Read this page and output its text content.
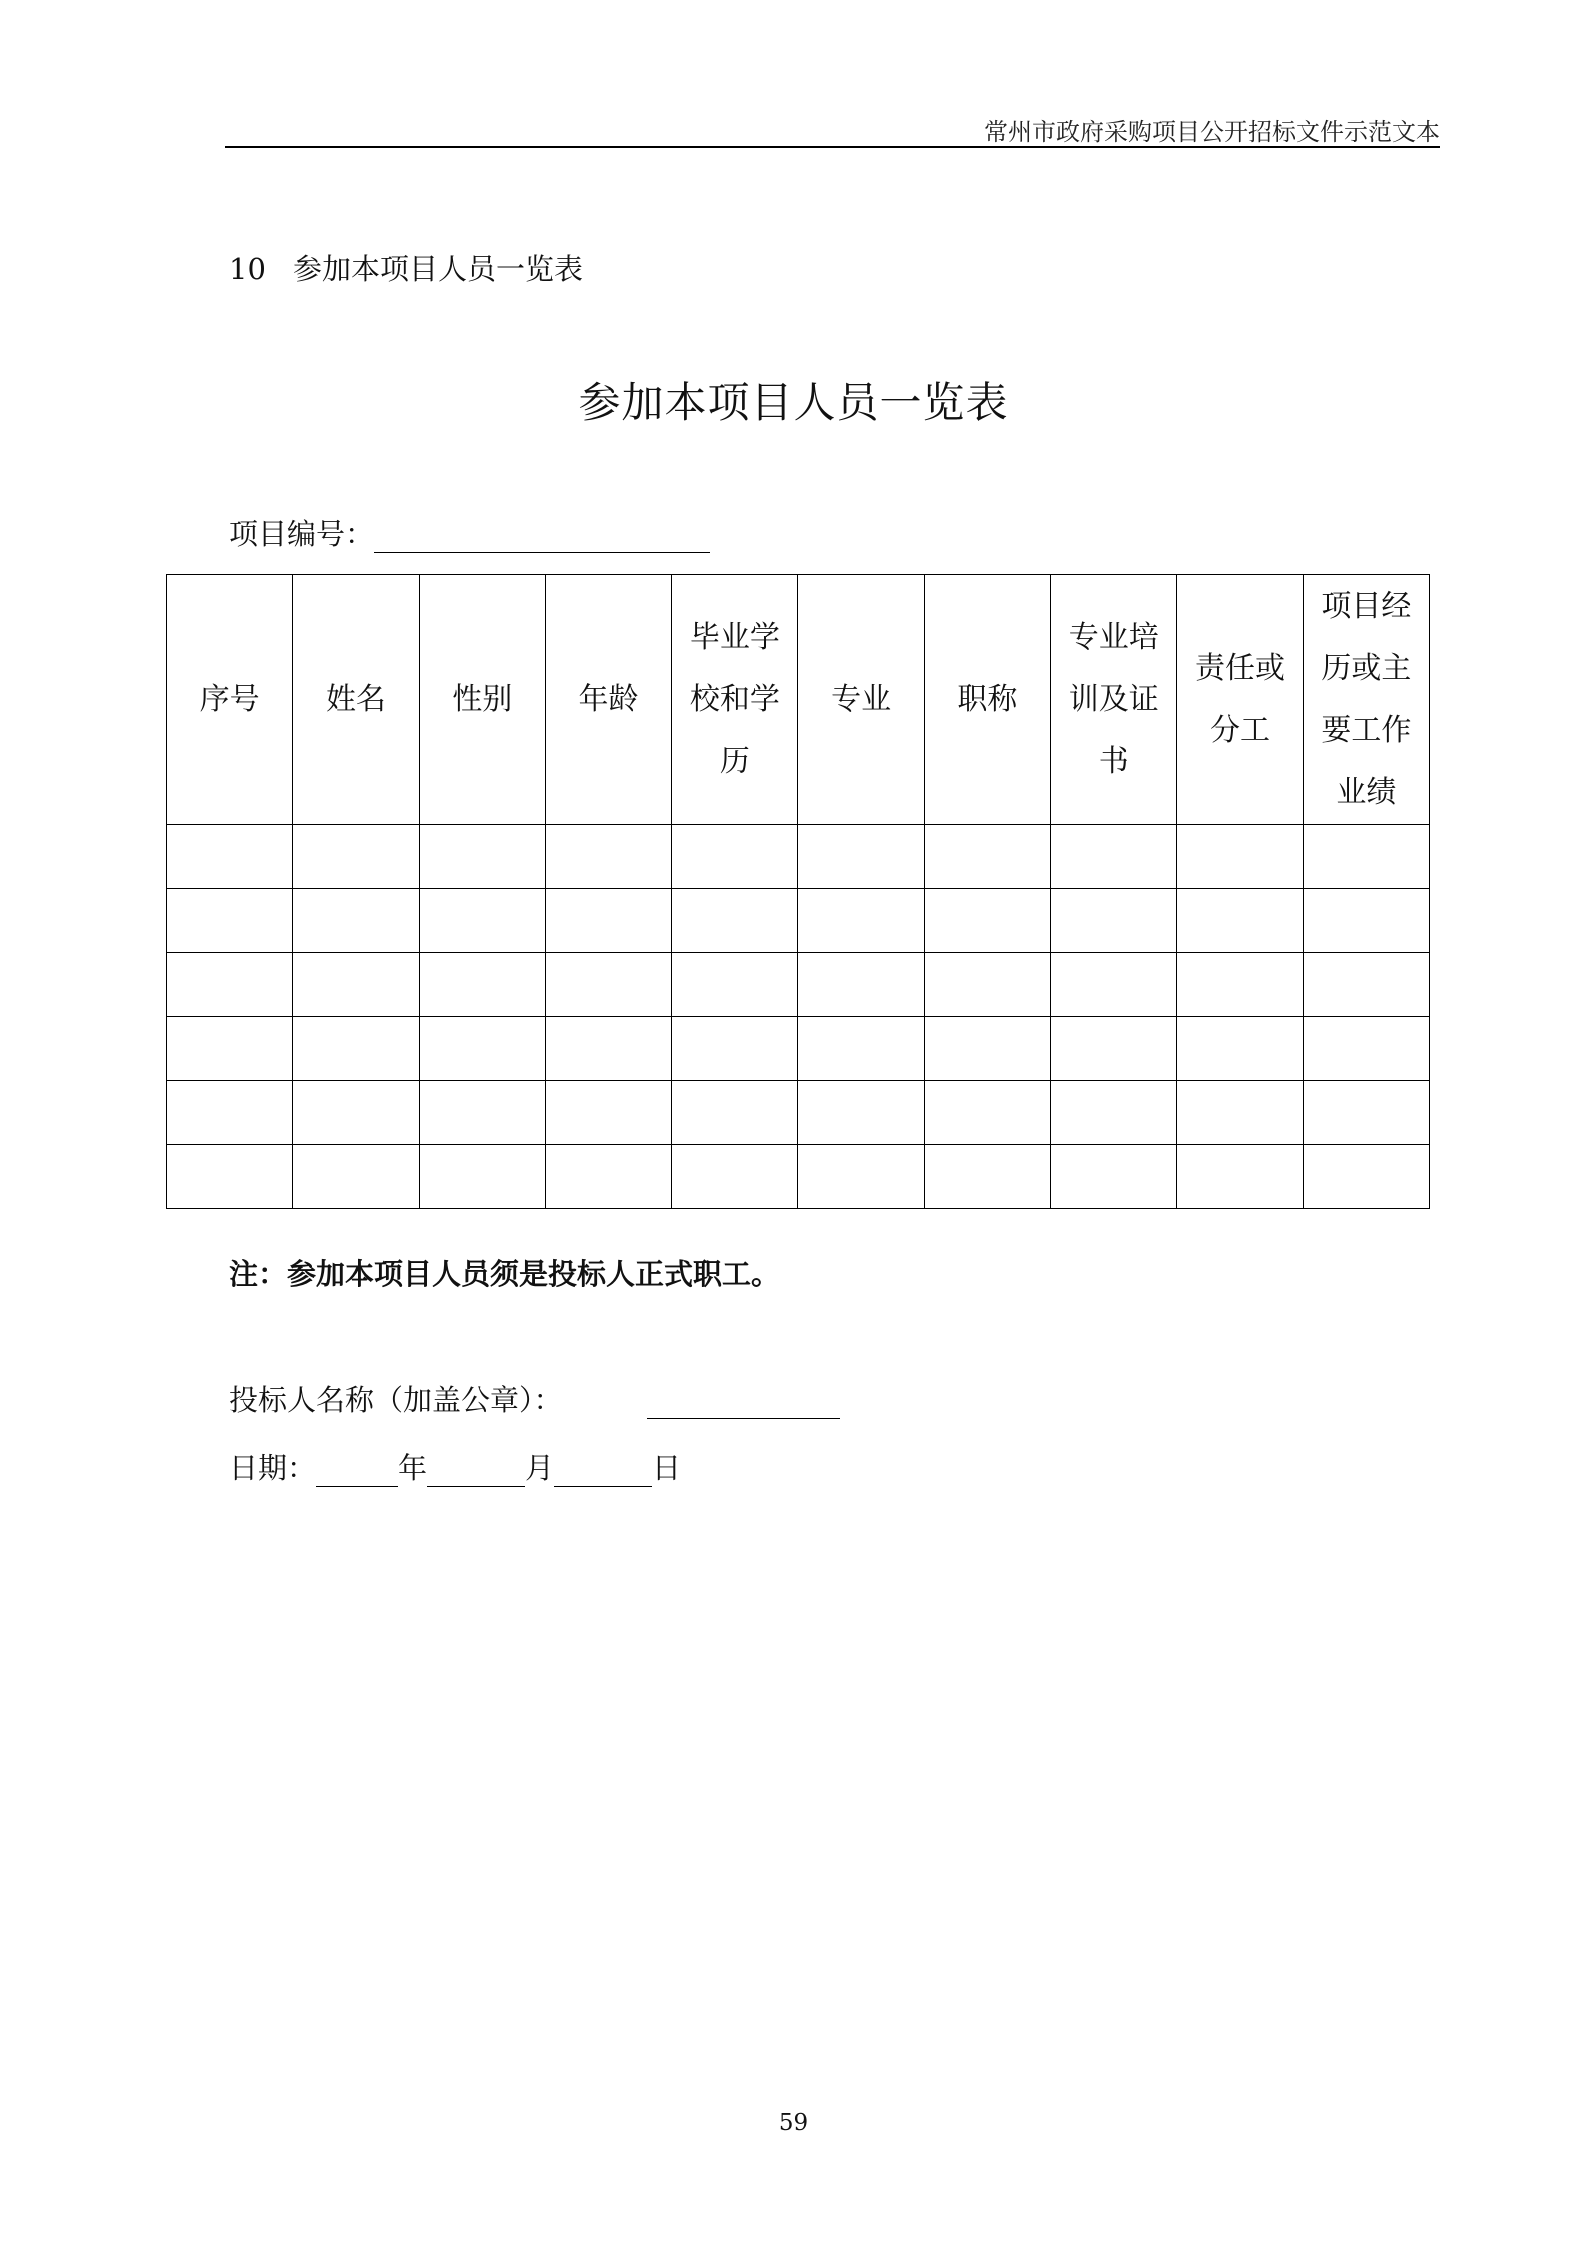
常州市政府采购项目公开招标文件示范文本
10 参加本项目人员一览表
参加本项目人员一览表
项目编号：
序号	姓名	性别	年龄	毕业学校和学历	专业	职称	专业培训及证书	责任或分工	项目经历或主要工作业绩

注：参加本项目人员须是投标人正式职工。
投标人名称（加盖公章）：
日期：	年	月	日
59
